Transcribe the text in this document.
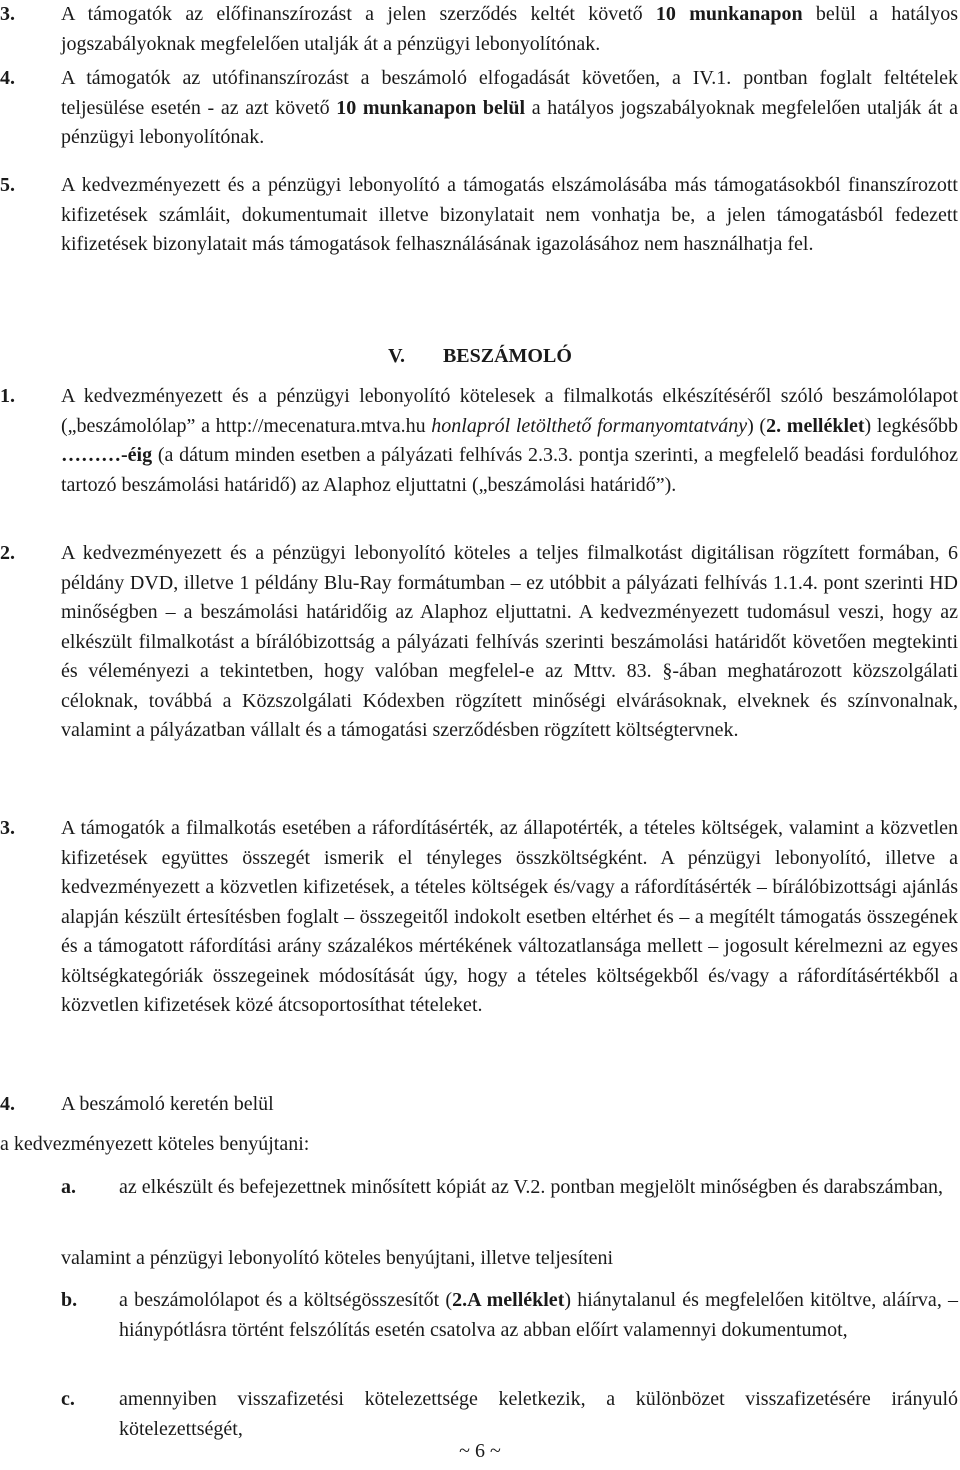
3. A támogatók az előfinanszírozást a jelen szerződés keltét követő 10 munkanapon belül a hatályos jogszabályoknak megfelelően utalják át a pénzügyi lebonyolítónak.
4. A támogatók az utófinanszírozást a beszámoló elfogadását követően, a IV.1. pontban foglalt feltételek teljesülése esetén - az azt követő 10 munkanapon belül a hatályos jogszabályoknak megfelelően utalják át a pénzügyi lebonyolítónak.
5. A kedvezményezett és a pénzügyi lebonyolító a támogatás elszámolásába más támogatásokból finanszírozott kifizetések számláit, dokumentumait illetve bizonylatait nem vonhatja be, a jelen támogatásból fedezett kifizetések bizonylatait más támogatások felhasználásának igazolásához nem használhatja fel.
V. BESZÁMOLÓ
1. A kedvezményezett és a pénzügyi lebonyolító kötelesek a filmalkotás elkészítéséről szóló beszámolólapot („beszámolólap” a http://mecenatura.mtva.hu honlapról letölthető formanyomtatvány) (2. melléklet) legkésőbb ………-éig (a dátum minden esetben a pályázati felhívás 2.3.3. pontja szerinti, a megfelelő beadási fordulóhoz tartozó beszámolási határidő) az Alaphoz eljuttatni („beszámolási határidő”).
2. A kedvezményezett és a pénzügyi lebonyolító köteles a teljes filmalkotást digitálisan rögzített formában, 6 példány DVD, illetve 1 példány Blu-Ray formátumban – ez utóbbit a pályázati felhívás 1.1.4. pont szerinti HD minőségben – a beszámolási határidőig az Alaphoz eljuttatni. A kedvezményezett tudomásul veszi, hogy az elkészült filmalkotást a bírálóbizottság a pályázati felhívás szerinti beszámolási határidőt követően megtekinti és véleményezi a tekintetben, hogy valóban megfelel-e az Mttv. 83. §-ában meghatározott közszolgálati céloknak, továbbá a Közszolgálati Kódexben rögzített minőségi elvárásoknak, elveknek és színvonalnak, valamint a pályázatban vállalt és a támogatási szerződésben rögzített költségtervnek.
3. A támogatók a filmalkotás esetében a ráfordításérték, az állapotérték, a tételes költségek, valamint a közvetlen kifizetések együttes összegét ismerik el tényleges összköltségként. A pénzügyi lebonyolító, illetve a kedvezményezett a közvetlen kifizetések, a tételes költségek és/vagy a ráfordításérték – bírálóbizottsági ajánlás alapján készült értesítésben foglalt – összegeitől indokolt esetben eltérhet és – a megítélt támogatás összegének és a támogatott ráfordítási arány százalékos mértékének változatlansága mellett – jogosult kérelmezni az egyes költségkategóriák összegeinek módosítását úgy, hogy a tételes költségekből és/vagy a ráfordításértékből a közvetlen kifizetések közé átcsoportosíthat tételeket.
4. A beszámoló keretén belül
a kedvezményezett köteles benyújtani:
a. az elkészült és befejezettnek minősített kópiát az V.2. pontban megjelölt minőségben és darabszámban,
valamint a pénzügyi lebonyolító köteles benyújtani, illetve teljesíteni
b. a beszámolólapot és a költségösszesítőt (2.A melléklet) hiánytalanul és megfelelően kitöltve, aláírva, – hiánypótlásra történt felszólítás esetén csatolva az abban előírt valamennyi dokumentumot,
c. amennyiben visszafizetési kötelezettsége keletkezik, a különbözet visszafizetésére irányuló kötelezettségét,
~ 6 ~
